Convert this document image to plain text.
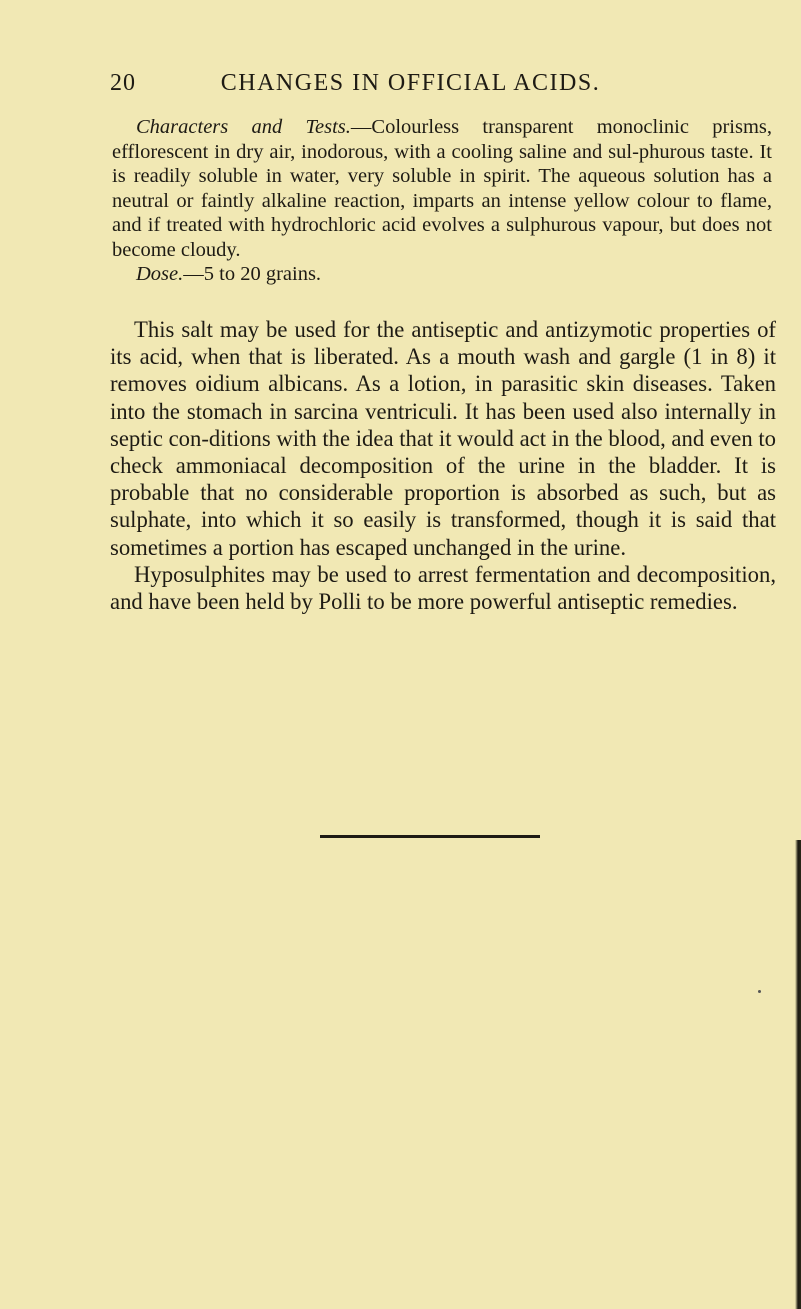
20	CHANGES IN OFFICIAL ACIDS.

Characters and Tests.—Colourless transparent monoclinic prisms, efflorescent in dry air, inodorous, with a cooling saline and sul-phurous taste. It is readily soluble in water, very soluble in spirit. The aqueous solution has a neutral or faintly alkaline reaction, imparts an intense yellow colour to flame, and if treated with hydrochloric acid evolves a sulphurous vapour, but does not become cloudy.

Dose.—5 to 20 grains.

This salt may be used for the antiseptic and antizymotic properties of its acid, when that is liberated. As a mouth wash and gargle (1 in 8) it removes oidium albicans. As a lotion, in parasitic skin diseases. Taken into the stomach in sarcina ventriculi. It has been used also internally in septic con-ditions with the idea that it would act in the blood, and even to check ammoniacal decomposition of the urine in the bladder. It is probable that no considerable proportion is absorbed as such, but as sulphate, into which it so easily is transformed, though it is said that sometimes a portion has escaped unchanged in the urine.

Hyposulphites may be used to arrest fermentation and decomposition, and have been held by Polli to be more powerful antiseptic remedies.
